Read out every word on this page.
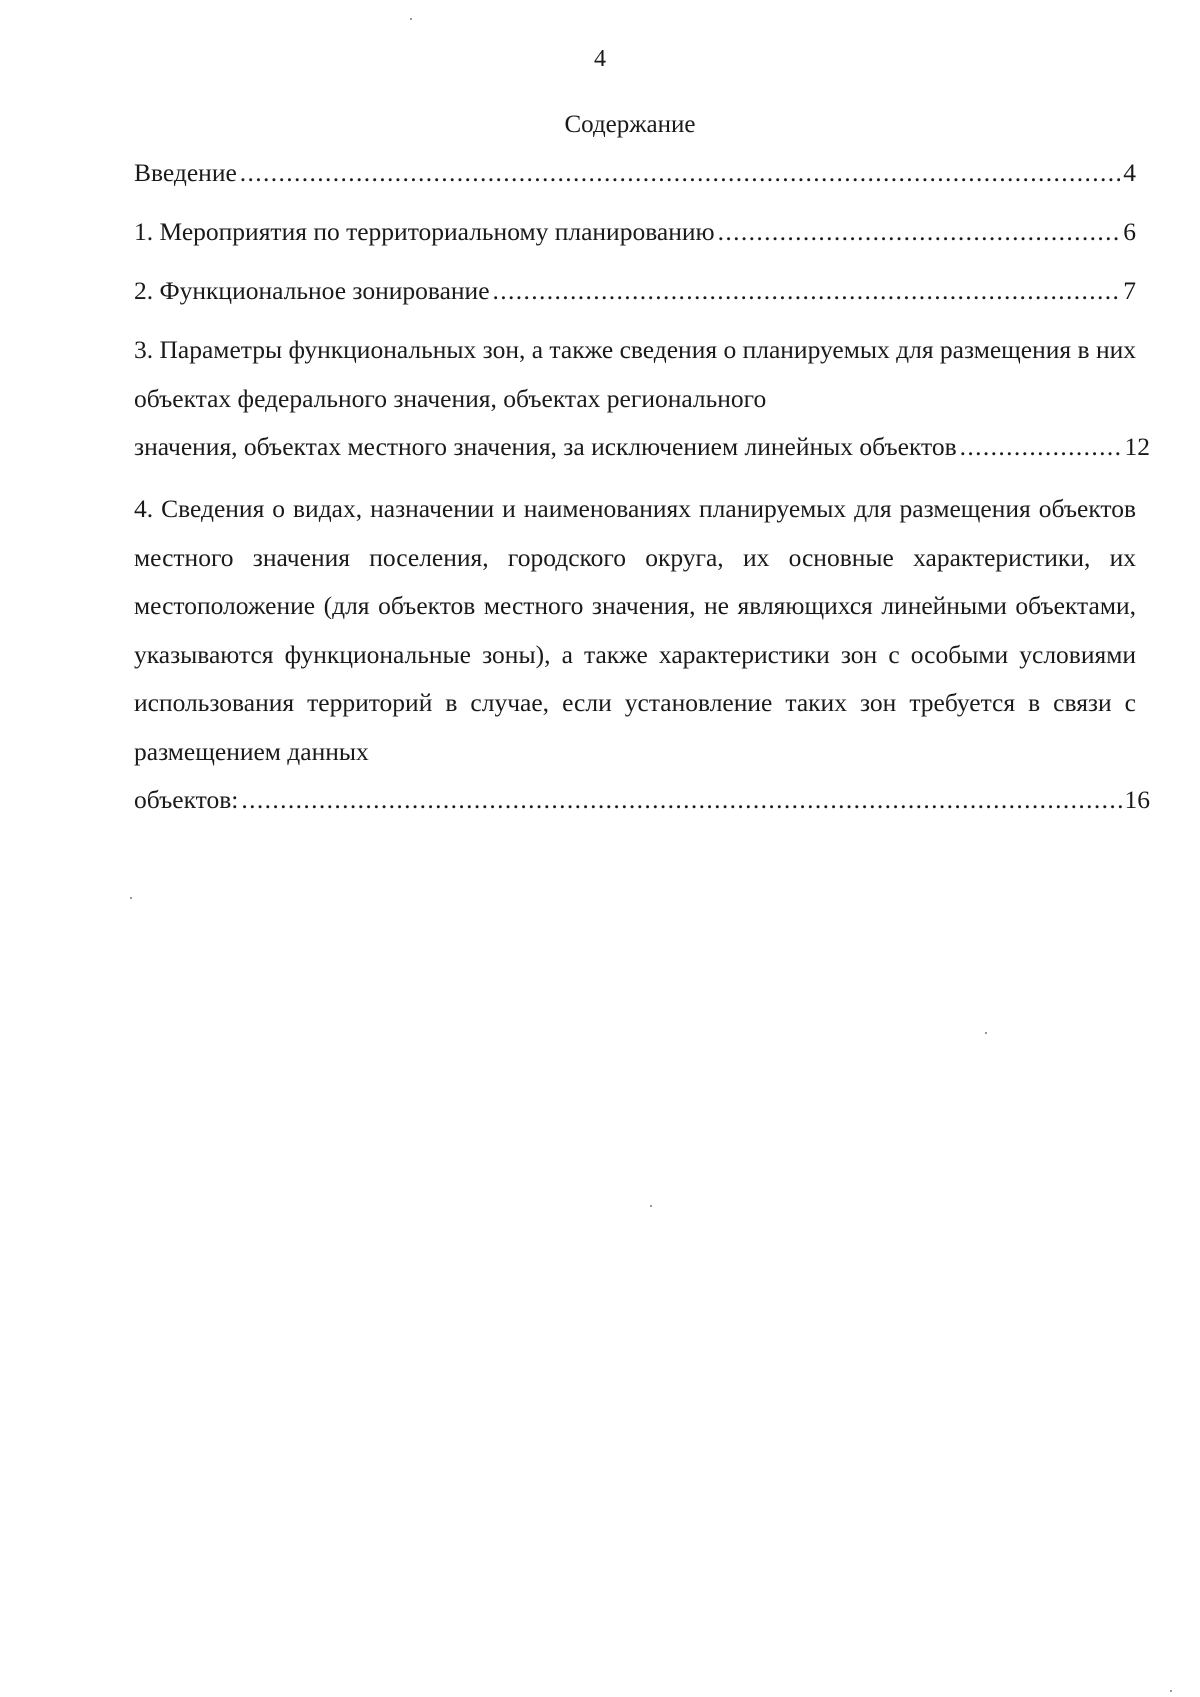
4
Содержание
Введение . . .	4
1. Мероприятия по территориальному планированию . . .	6
2. Функциональное зонирование . . .	7
3. Параметры функциональных зон, а также сведения о планируемых для размещения в них объектах федерального значения, объектах регионального
значения, объектах местного значения, за исключением линейных объектов . . .	12
4. Сведения о видах, назначении и наименованиях планируемых для размещения объектов местного значения поселения, городского округа, их основные характеристики, их местоположение (для объектов местного значения, не являющихся линейными объектами, указываются функциональные зоны), а также характеристики зон с особыми условиями использования территорий в случае, если установление таких зон требуется в связи с размещением данных
объектов: . . .	16
